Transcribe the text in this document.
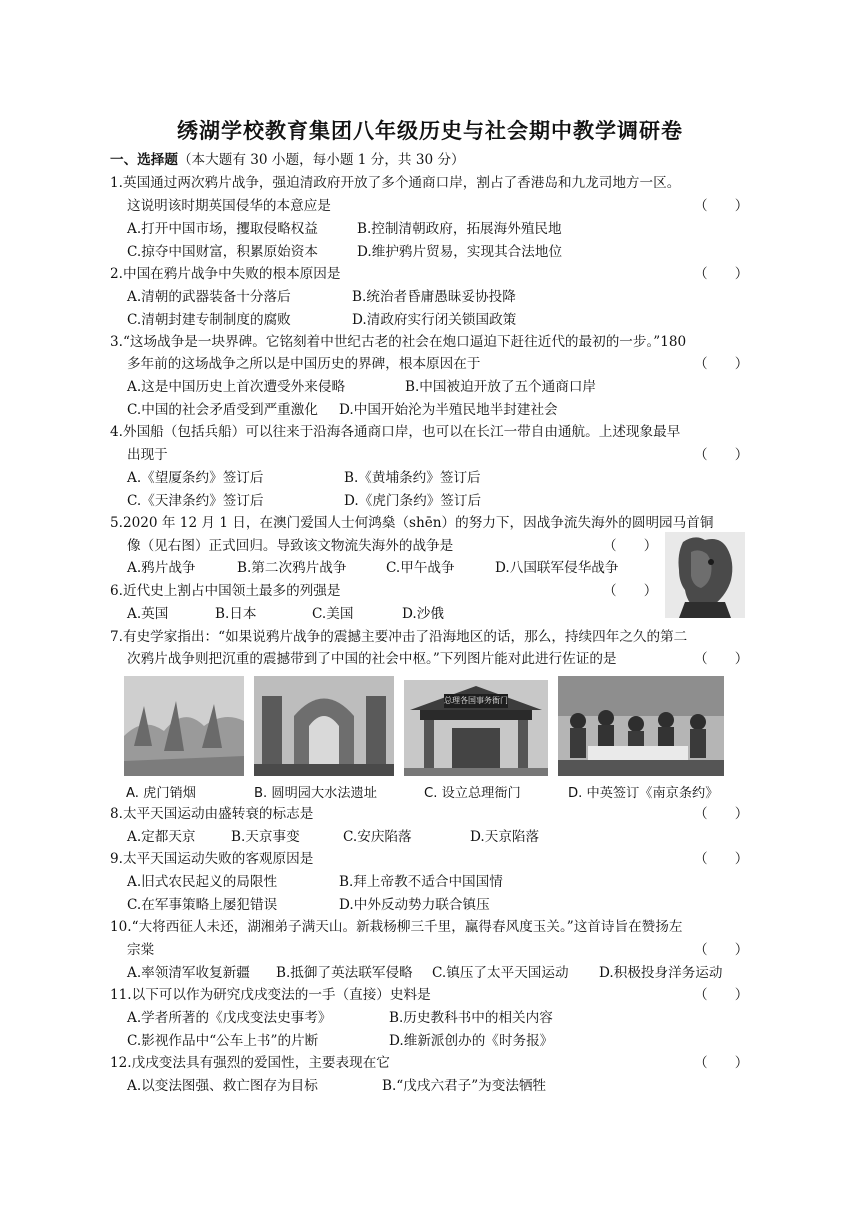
绣湖学校教育集团八年级历史与社会期中教学调研卷
一、选择题（本大题有 30 小题，每小题 1 分，共 30 分）
1.英国通过两次鸦片战争，强迫清政府开放了多个通商口岸，割占了香港岛和九龙司地方一区。
这说明该时期英国侵华的本意应是	（　　）
A.打开中国市场，攫取侵略权益	B.控制清朝政府，拓展海外殖民地
C.掠夺中国财富，积累原始资本	D.维护鸦片贸易，实现其合法地位
2.中国在鸦片战争中失败的根本原因是	（　　）
A.清朝的武器装备十分落后	B.统治者昏庸愚昧妥协投降
C.清朝封建专制制度的腐败	D.清政府实行闭关锁国政策
3.“这场战争是一块界碑。它铭刻着中世纪古老的社会在炮口逼迫下赶往近代的最初的一步。”180
多年前的这场战争之所以是中国历史的界碑，根本原因在于	（　　）
A.这是中国历史上首次遭受外来侵略	B.中国被迫开放了五个通商口岸
C.中国的社会矛盾受到严重激化 D.中国开始沦为半殖民地半封建社会
4.外国船（包括兵船）可以往来于沿海各通商口岸，也可以在长江一带自由通航。上述现象最早
出现于	（　　）
A.《望厦条约》签订后	B.《黄埔条约》签订后
C.《天津条约》签订后	D.《虎门条约》签订后
5.2020 年 12 月 1 日，在澳门爱国人士何鸿燊（shēn）的努力下，因战争流失海外的圆明园马首铜
像（见右图）正式回归。导致该文物流失海外的战争是	（　　）
A.鸦片战争	B.第二次鸦片战争	C.甲午战争	D.八国联军侵华战争
6.近代史上割占中国领土最多的列强是	（　　）
A.英国	B.日本	C.美国	D.沙俄
7.有史学家指出：“如果说鸦片战争的震撼主要冲击了沿海地区的话，那么，持续四年之久的第二
次鸦片战争则把沉重的震撼带到了中国的社会中枢。”下列图片能对此进行佐证的是	（　　）
总理各国事务衙门
A. 虎门销烟	B. 圆明园大水法遗址	C. 设立总理衙门	D. 中英签订《南京条约》
8.太平天国运动由盛转衰的标志是	（　　）
A.定都天京	B.天京事变	C.安庆陷落	D.天京陷落
9.太平天国运动失败的客观原因是	（　　）
A.旧式农民起义的局限性	B.拜上帝教不适合中国国情
C.在军事策略上屡犯错误	D.中外反动势力联合镇压
10.“大将西征人未还，湖湘弟子满天山。新栽杨柳三千里，赢得春风度玉关。”这首诗旨在赞扬左
宗棠	（　　）
A.率领清军收复新疆 B.抵御了英法联军侵略 C.镇压了太平天国运动 D.积极投身洋务运动
11.以下可以作为研究戊戌变法的一手（直接）史料是	（　　）
A.学者所著的《戊戌变法史事考》	B.历史教科书中的相关内容
C.影视作品中“公车上书”的片断	D.维新派创办的《时务报》
12.戊戌变法具有强烈的爱国性，主要表现在它	（　　）
A.以变法图强、救亡图存为目标	B.“戊戌六君子”为变法牺牲
